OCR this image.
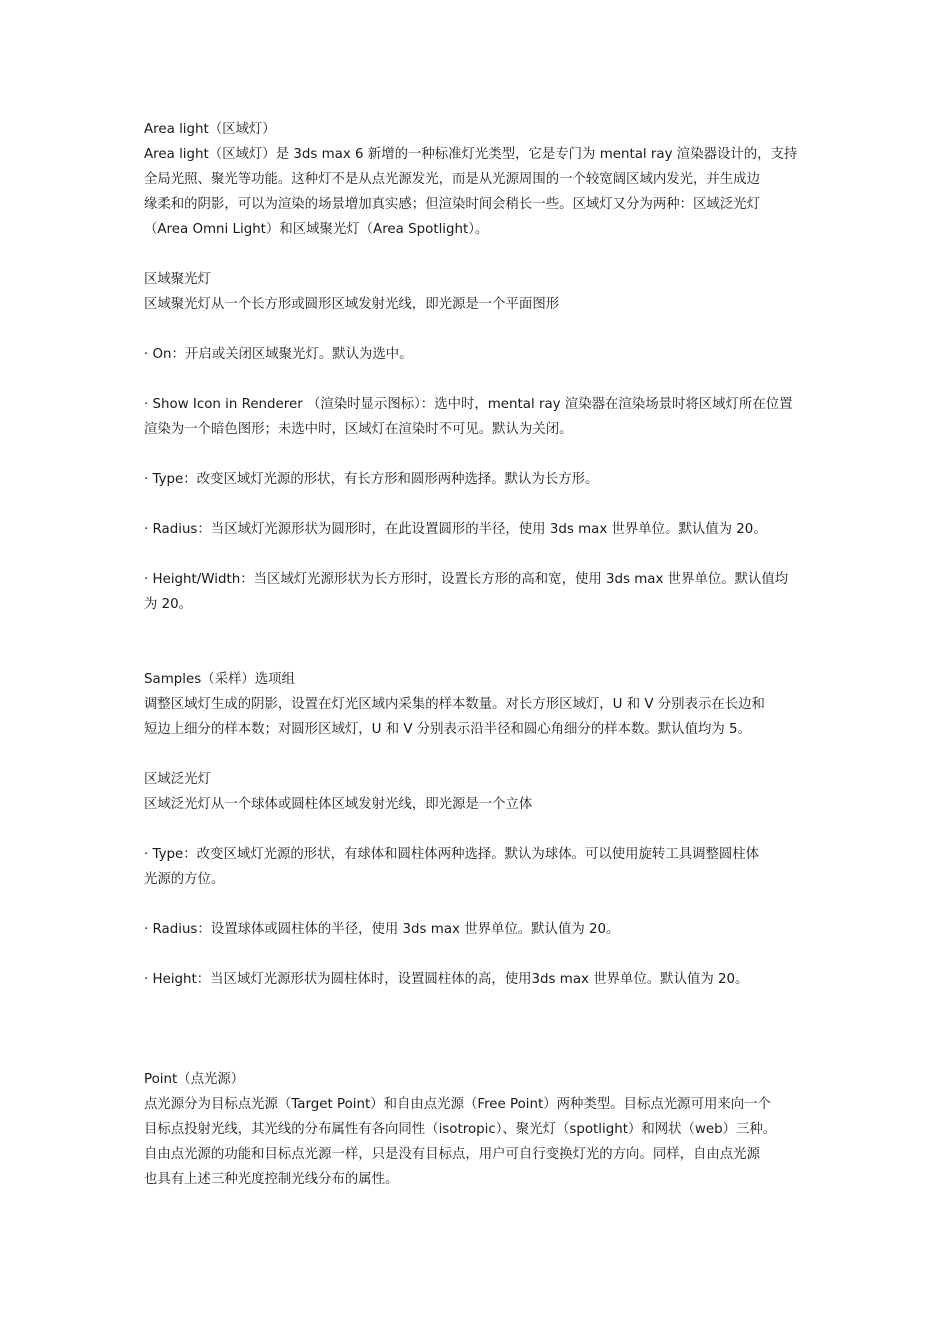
Area light（区域灯）
Area light（区域灯）是 3ds max 6 新增的一种标准灯光类型，它是专门为 mental ray 渲染器设计的，支持
全局光照、聚光等功能。这种灯不是从点光源发光，而是从光源周围的一个较宽阔区域内发光，并生成边
缘柔和的阴影，可以为渲染的场景增加真实感；但渲染时间会稍长一些。区域灯又分为两种：区域泛光灯
（Area Omni Light）和区域聚光灯（Area Spotlight）。
区域聚光灯
区域聚光灯从一个长方形或圆形区域发射光线，即光源是一个平面图形
· On：开启或关闭区域聚光灯。默认为选中。
· Show Icon in Renderer （渲染时显示图标）：选中时，mental ray 渲染器在渲染场景时将区域灯所在位置
渲染为一个暗色图形；未选中时，区域灯在渲染时不可见。默认为关闭。
· Type：改变区域灯光源的形状，有长方形和圆形两种选择。默认为长方形。
· Radius：当区域灯光源形状为圆形时，在此设置圆形的半径，使用 3ds max 世界单位。默认值为 20。
· Height/Width：当区域灯光源形状为长方形时，设置长方形的高和宽，使用 3ds max 世界单位。默认值均
为 20。
Samples（采样）选项组
调整区域灯生成的阴影，设置在灯光区域内采集的样本数量。对长方形区域灯，U 和 V 分别表示在长边和
短边上细分的样本数；对圆形区域灯，U 和 V 分别表示沿半径和圆心角细分的样本数。默认值均为 5。
区域泛光灯
区域泛光灯从一个球体或圆柱体区域发射光线，即光源是一个立体
· Type：改变区域灯光源的形状，有球体和圆柱体两种选择。默认为球体。可以使用旋转工具调整圆柱体
光源的方位。
· Radius：设置球体或圆柱体的半径，使用 3ds max 世界单位。默认值为 20。
· Height：当区域灯光源形状为圆柱体时，设置圆柱体的高，使用3ds max 世界单位。默认值为 20。
Point（点光源）
点光源分为目标点光源（Target Point）和自由点光源（Free Point）两种类型。目标点光源可用来向一个
目标点投射光线，其光线的分布属性有各向同性（isotropic）、聚光灯（spotlight）和网状（web）三种。
自由点光源的功能和目标点光源一样，只是没有目标点，用户可自行变换灯光的方向。同样，自由点光源
也具有上述三种光度控制光线分布的属性。
